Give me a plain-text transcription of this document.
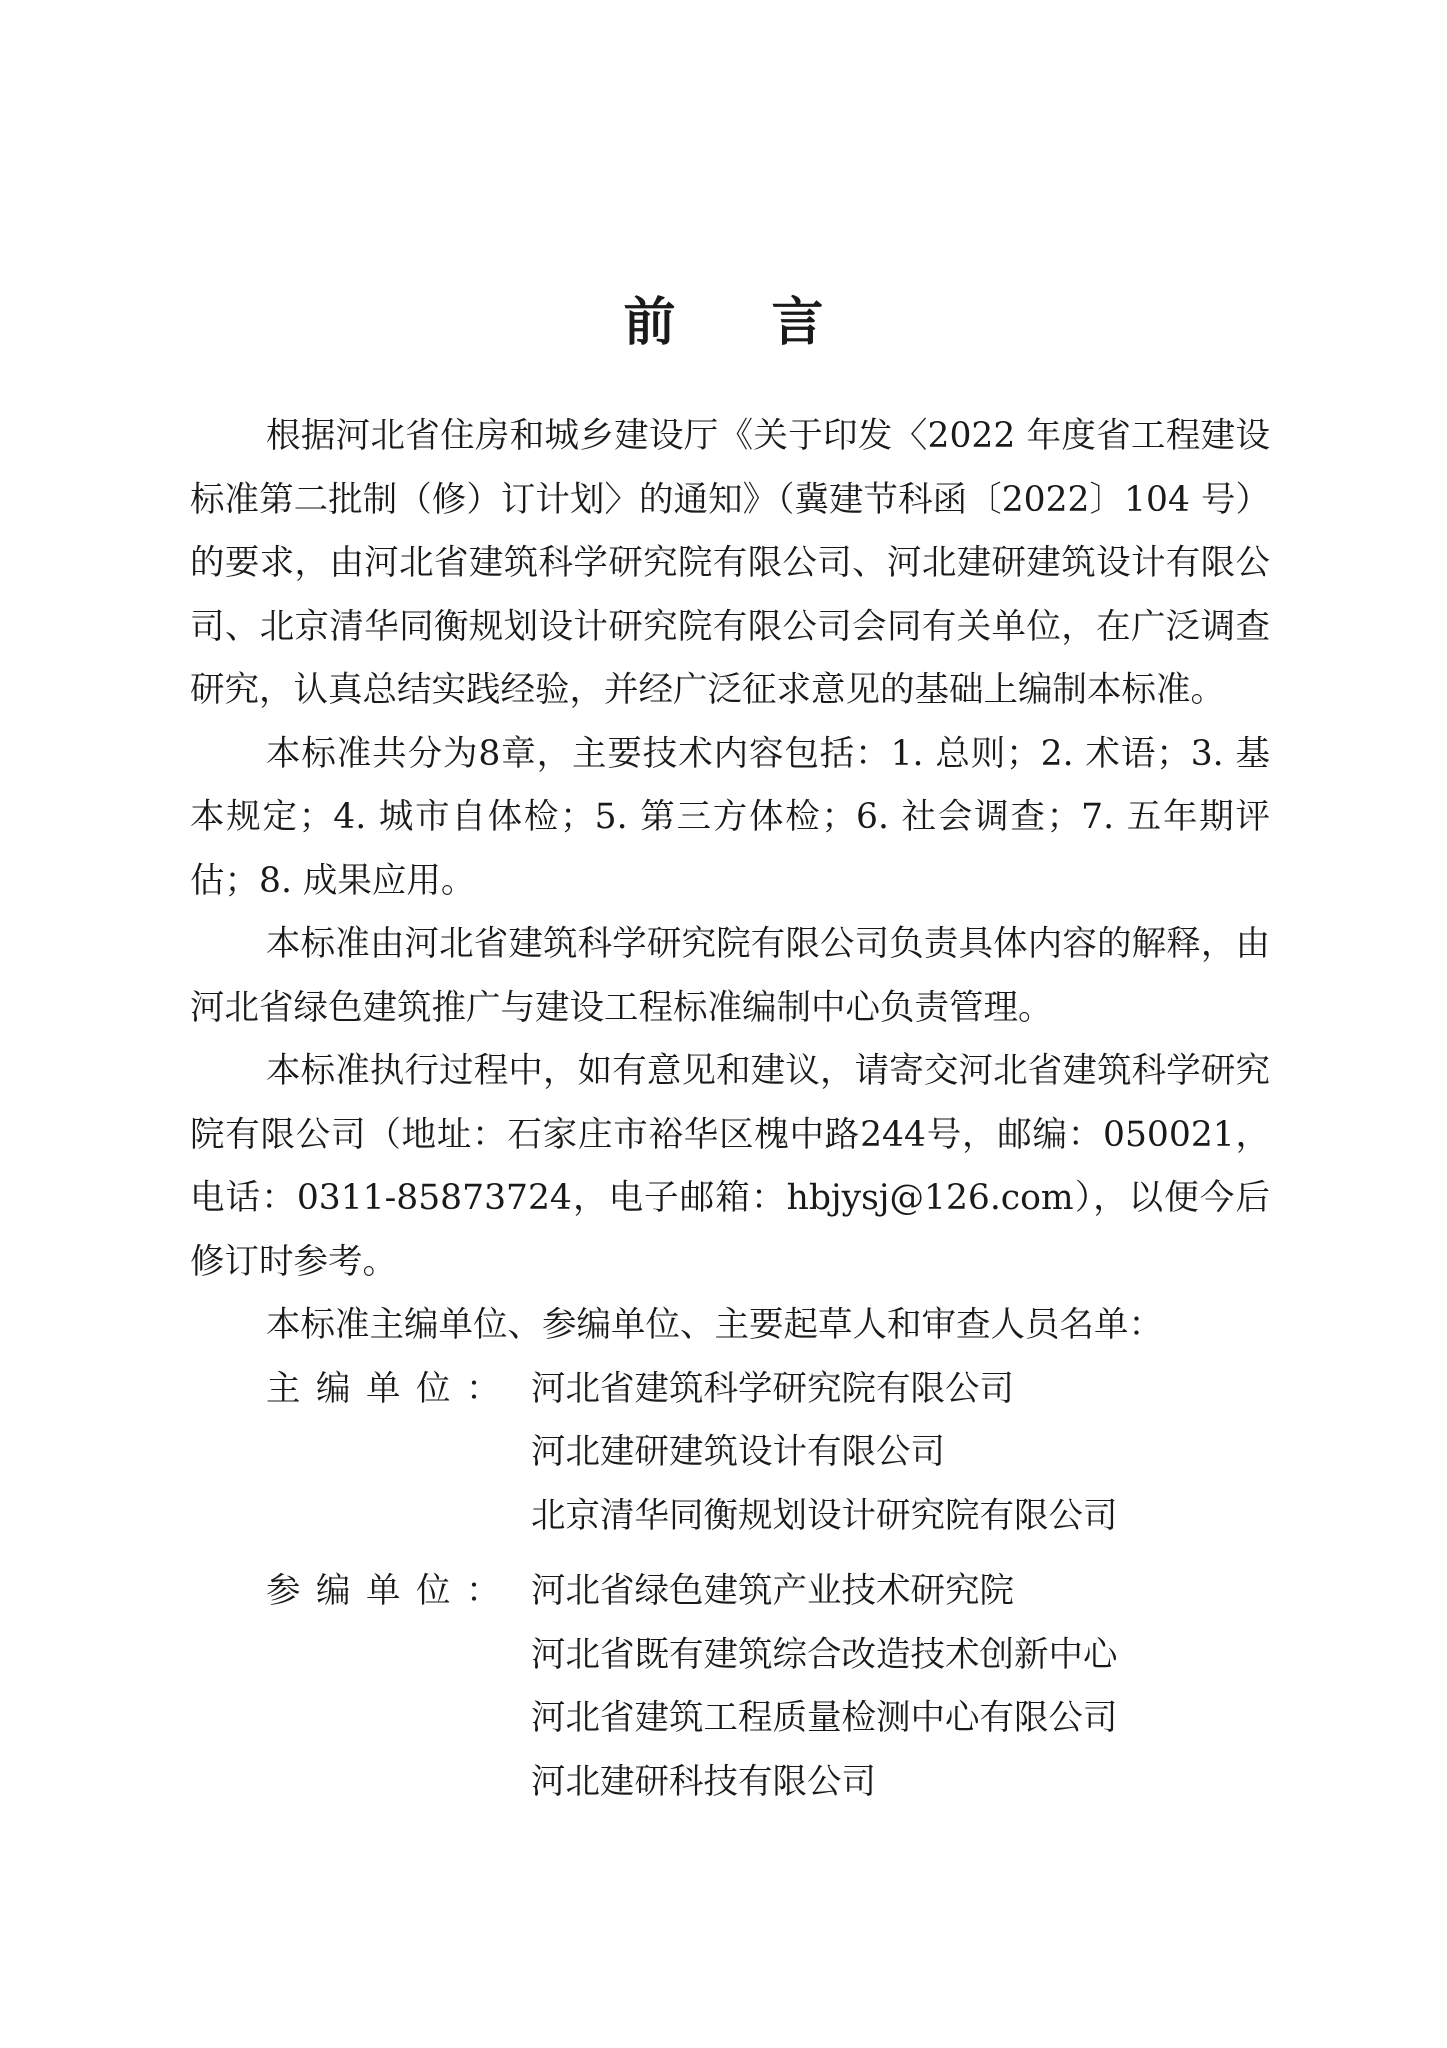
前 言

根据河北省住房和城乡建设厅《关于印发〈2022 年度省工程建设标准第二批制（修）订计划〉的通知》（冀建节科函〔2022〕104 号）的要求，由河北省建筑科学研究院有限公司、河北建研建筑设计有限公司、北京清华同衡规划设计研究院有限公司会同有关单位，在广泛调查研究，认真总结实践经验，并经广泛征求意见的基础上编制本标准。

本标准共分为8章，主要技术内容包括：1. 总则；2. 术语；3. 基本规定；4. 城市自体检；5. 第三方体检；6. 社会调查；7. 五年期评估；8. 成果应用。

本标准由河北省建筑科学研究院有限公司负责具体内容的解释，由河北省绿色建筑推广与建设工程标准编制中心负责管理。

本标准执行过程中，如有意见和建议，请寄交河北省建筑科学研究院有限公司（地址：石家庄市裕华区槐中路244号，邮编：050021，电话：0311-85873724，电子邮箱：hbjysj@126.com），以便今后修订时参考。

本标准主编单位、参编单位、主要起草人和审查人员名单：

主 编 单 位 ： 河北省建筑科学研究院有限公司
河北建研建筑设计有限公司
北京清华同衡规划设计研究院有限公司
参 编 单 位 ： 河北省绿色建筑产业技术研究院
河北省既有建筑综合改造技术创新中心
河北省建筑工程质量检测中心有限公司
河北建研科技有限公司
